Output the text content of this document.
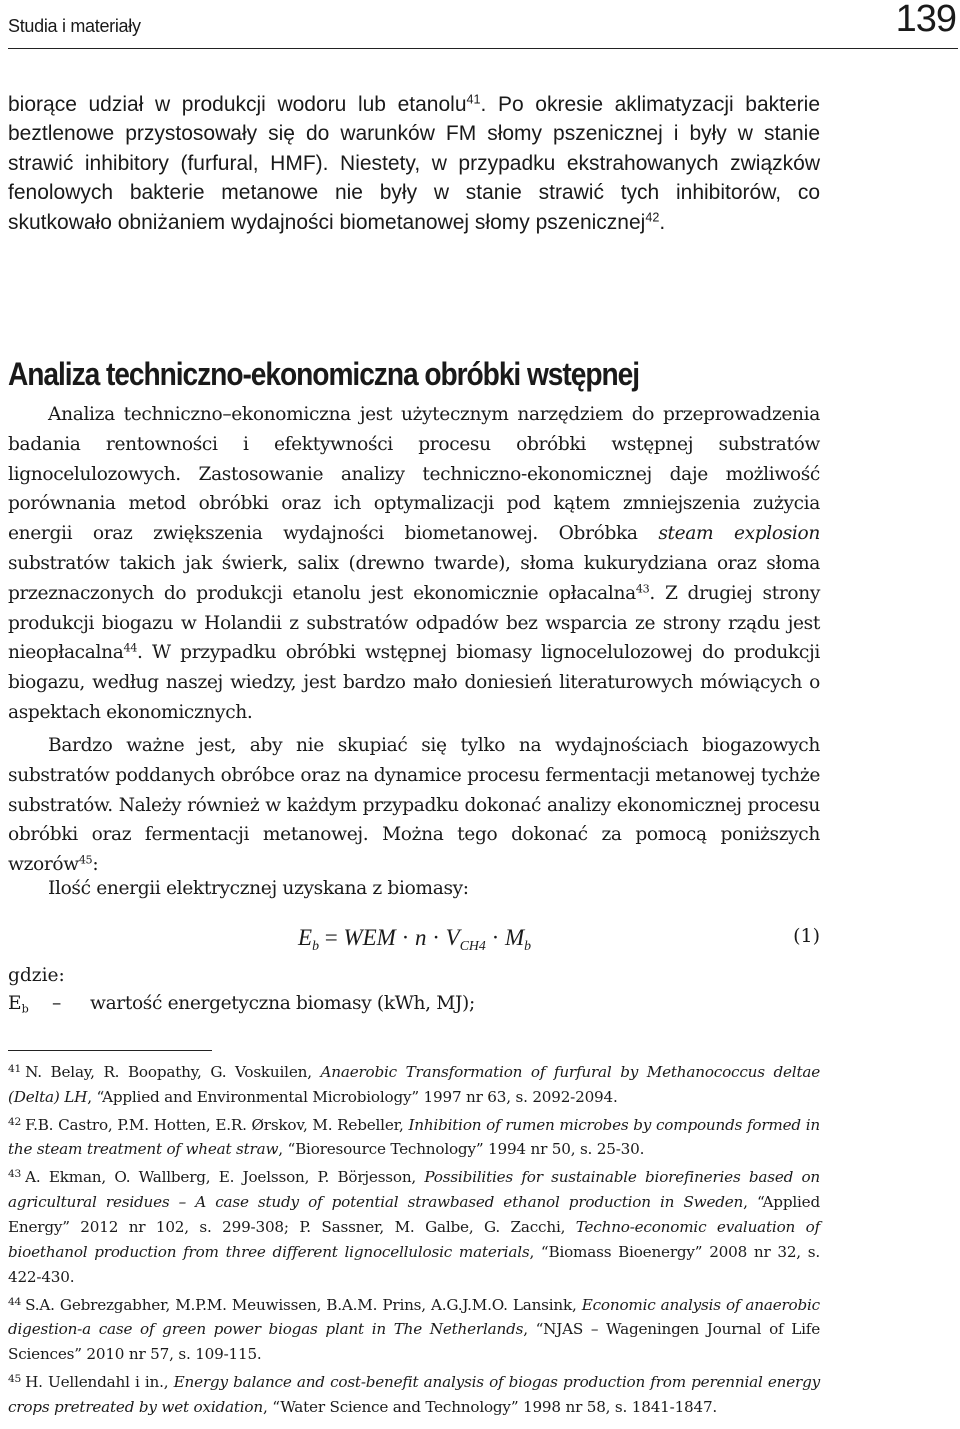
Studia i materiały	139

biorące udział w produkcji wodoru lub etanolu$^{41}$. Po okresie aklimatyzacji bakterie beztlenowe przystosowały się do warunków FM słomy pszenicznej i były w stanie strawić inhibitory (furfural, HMF). Niestety, w przypadku ekstrahowanych związków fenolowych bakterie metanowe nie były w stanie strawić tych inhibitorów, co skutkowało obniżaniem wydajności biometanowej słomy pszenicznej$^{42}$.

Analiza techniczno-ekonomiczna obróbki wstępnej

Analiza techniczno–ekonomiczna jest użytecznym narzędziem do przeprowadzenia badania rentowności i efektywności procesu obróbki wstępnej substratów lignocelulozowych. Zastosowanie analizy techniczno-ekonomicznej daje możliwość porównania metod obróbki oraz ich optymalizacji pod kątem zmniejszenia zużycia energii oraz zwiększenia wydajności biometanowej. Obróbka steam explosion substratów takich jak świerk, salix (drewno twarde), słoma kukurydziana oraz słoma przeznaczonych do produkcji etanolu jest ekonomicznie opłacalna$^{43}$. Z drugiej strony produkcji biogazu w Holandii z substratów odpadów bez wsparcia ze strony rządu jest nieopłacalna$^{44}$. W przypadku obróbki wstępnej biomasy lignocelulozowej do produkcji biogazu, według naszej wiedzy, jest bardzo mało doniesień literaturowych mówiących o aspektach ekonomicznych.

Bardzo ważne jest, aby nie skupiać się tylko na wydajnościach biogazowych substratów poddanych obróbce oraz na dynamice procesu fermentacji metanowej tychże substratów. Należy również w każdym przypadku dokonać analizy ekonomicznej procesu obróbki oraz fermentacji metanowej. Można tego dokonać za pomocą poniższych wzorów$^{45}$:

Ilość energii elektrycznej uzyskana z biomasy:
$E_b$ = WEM · $n \cdot V_{CH4} \cdot M_b$	(1)
gdzie:
$E_b$ – wartość energetyczna biomasy (kWh, MJ);

$^{41}$ N. Belay, R. Boopathy, G. Voskuilen, Anaerobic Transformation of furfural by Methanococcus deltae (Delta) LH, “Applied and Environmental Microbiology” 1997 nr 63, s. 2092-2094.

$^{42}$ F.B. Castro, P.M. Hotten, E.R. Ørskov, M. Rebeller, Inhibition of rumen microbes by compounds formed in the steam treatment of wheat straw, “Bioresource Technology” 1994 nr 50, s. 25-30.

$^{43}$ A. Ekman, O. Wallberg, E. Joelsson, P. Börjesson, Possibilities for sustainable biorefineries based on agricultural residues – A case study of potential strawbased ethanol production in Sweden, “Applied Energy” 2012 nr 102, s. 299-308; P. Sassner, M. Galbe, G. Zacchi, Techno-economic evaluation of bioethanol production from three different lignocellulosic materials, “Biomass Bioenergy” 2008 nr 32, s. 422-430.

$^{44}$ S.A. Gebrezgabher, M.P.M. Meuwissen, B.A.M. Prins, A.G.J.M.O. Lansink, Economic analysis of anaerobic digestion-a case of green power biogas plant in The Netherlands, “NJAS – Wageningen Journal of Life Sciences” 2010 nr 57, s. 109-115.

$^{45}$ H. Uellendahl i in., Energy balance and cost-benefit analysis of biogas production from perennial energy crops pretreated by wet oxidation, “Water Science and Technology” 1998 nr 58, s. 1841-1847.
